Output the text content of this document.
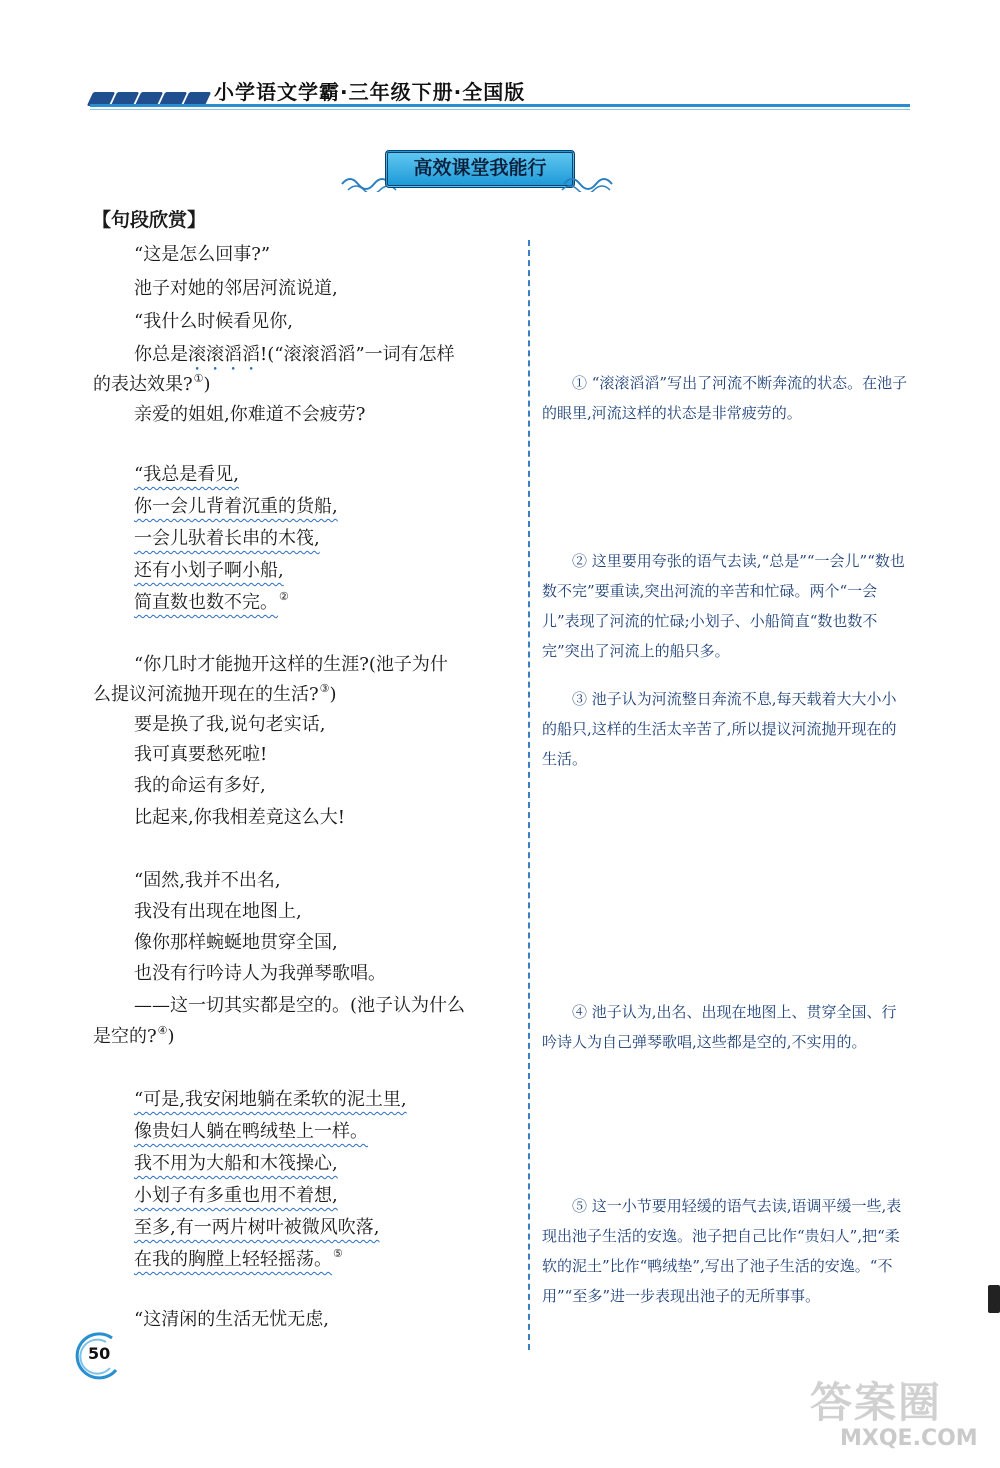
小学语文学霸·三年级下册·全国版
高效课堂我能行
【句段欣赏】
“这是怎么回事?”
池子对她的邻居河流说道,
“我什么时候看见你,
你总是滚滚滔滔!(“滚滚滔滔”一词有怎样
的表达效果?①)
亲爱的姐姐,你难道不会疲劳?
“我总是看见,
你一会儿背着沉重的货船,
一会儿驮着长串的木筏,
还有小划子啊小船,
简直数也数不完。②
“你几时才能抛开这样的生涯?(池子为什
么提议河流抛开现在的生活?③)
要是换了我,说句老实话,
我可真要愁死啦!
我的命运有多好,
比起来,你我相差竟这么大!
“固然,我并不出名,
我没有出现在地图上,
像你那样蜿蜒地贯穿全国,
也没有行吟诗人为我弹琴歌唱。
——这一切其实都是空的。(池子认为什么
是空的?④)
“可是,我安闲地躺在柔软的泥土里,
像贵妇人躺在鸭绒垫上一样。
我不用为大船和木筏操心,
小划子有多重也用不着想,
至多,有一两片树叶被微风吹落,
在我的胸膛上轻轻摇荡。⑤
“这清闲的生活无忧无虑,

① “滚滚滔滔”写出了河流不断奔流的状态。在池子的眼里,河流这样的状态是非常疲劳的。

② 这里要用夸张的语气去读,“总是”“一会儿”“数也数不完”要重读,突出河流的辛苦和忙碌。两个“一会儿”表现了河流的忙碌;小划子、小船简直“数也数不完”突出了河流上的船只多。

③ 池子认为河流整日奔流不息,每天载着大大小小的船只,这样的生活太辛苦了,所以提议河流抛开现在的生活。

④ 池子认为,出名、出现在地图上、贯穿全国、行吟诗人为自己弹琴歌唱,这些都是空的,不实用的。

⑤ 这一小节要用轻缓的语气去读,语调平缓一些,表现出池子生活的安逸。池子把自己比作“贵妇人”,把“柔软的泥土”比作“鸭绒垫”,写出了池子生活的安逸。“不用”“至多”进一步表现出池子的无所事事。

50
答案圈
MXQE.COM
